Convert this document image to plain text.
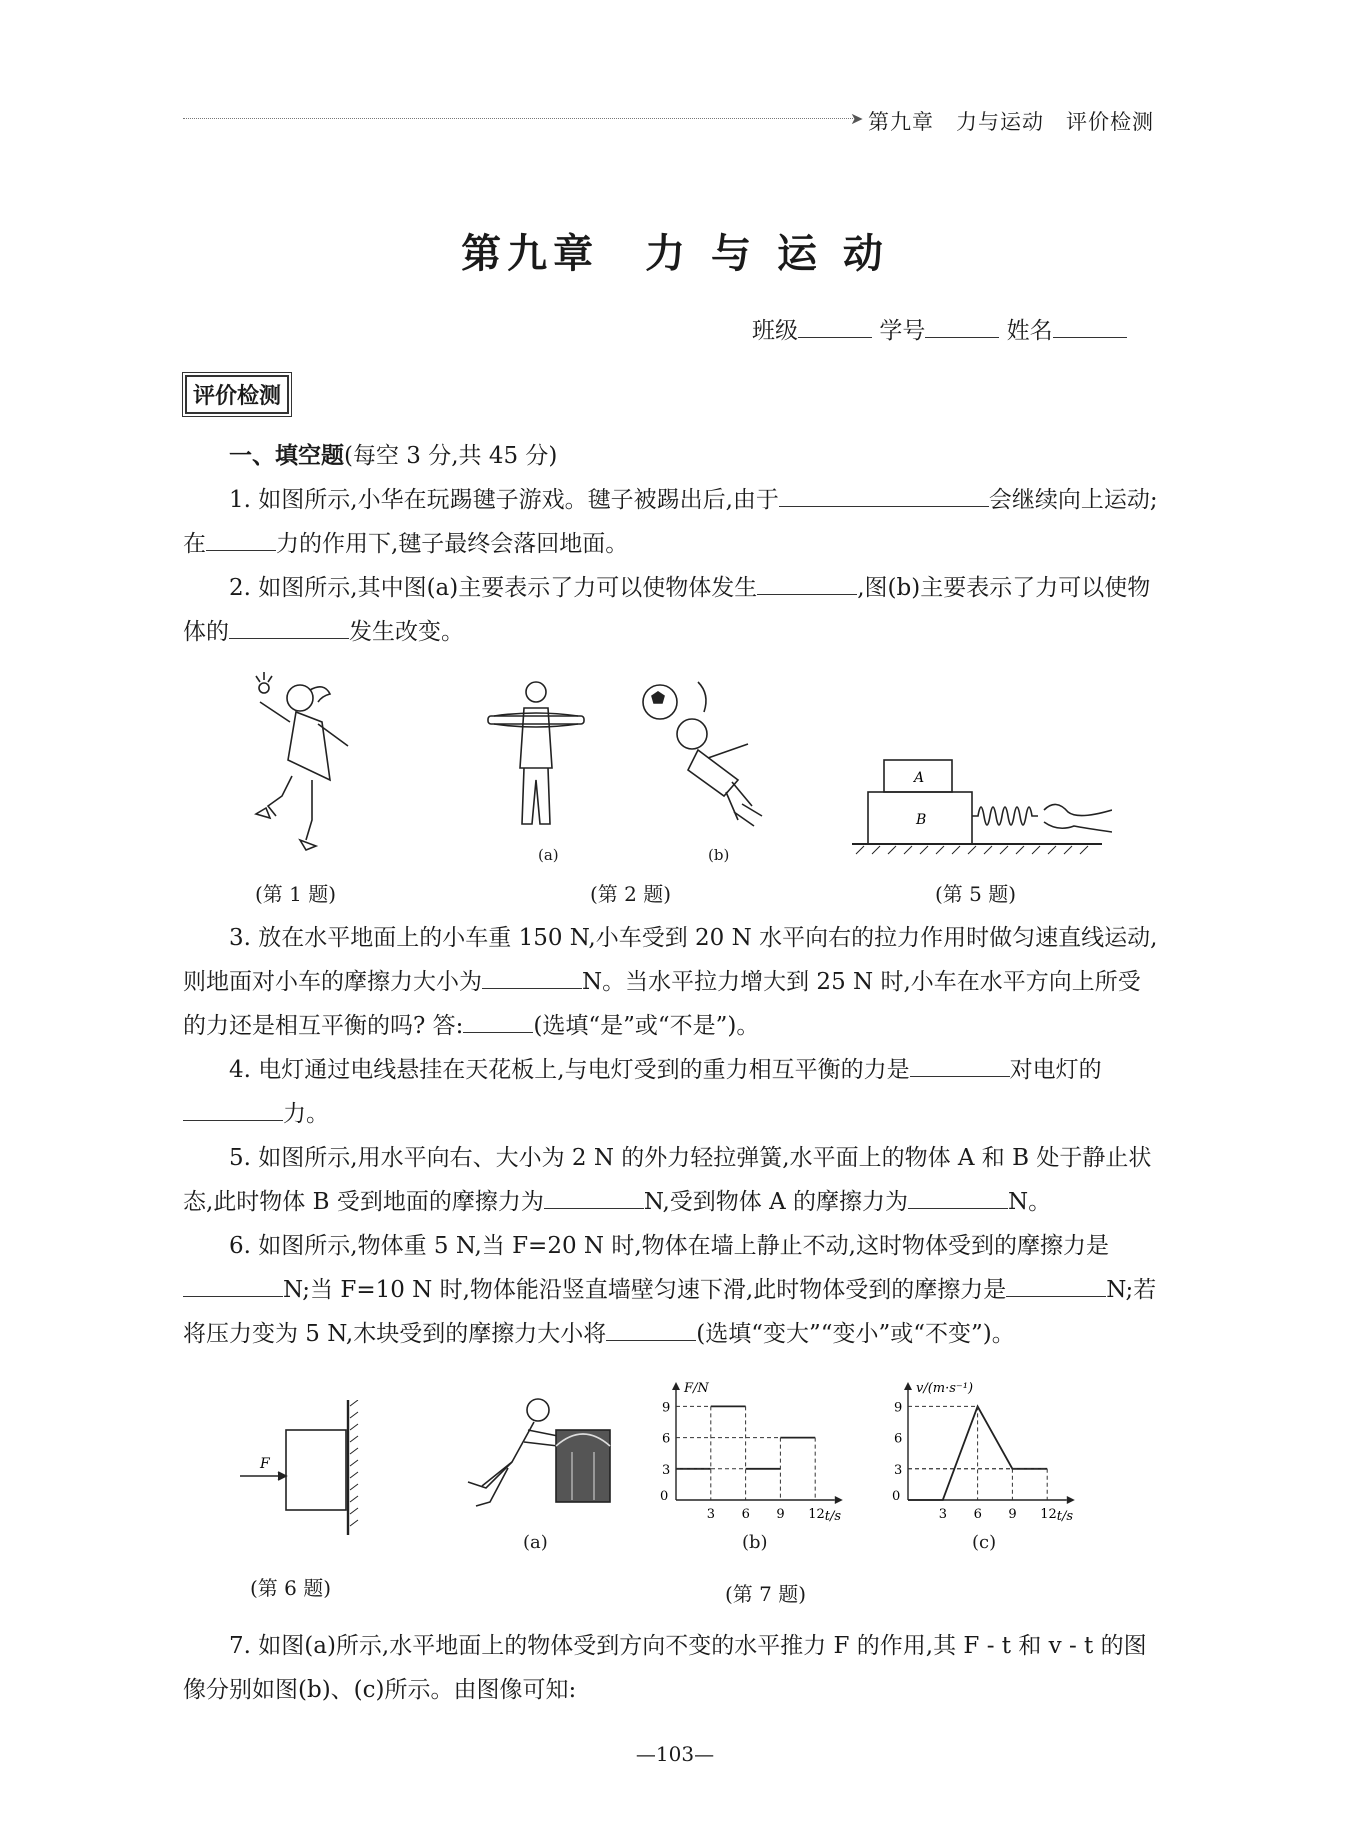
➤ 第九章　力与运动　评价检测
第九章　力 与 运 动
班级	学号	姓名
评价检测

一、填空题(每空 3 分,共 45 分)

1. 如图所示,小华在玩踢毽子游戏。毽子被踢出后,由于	会继续向上运动;在	力的作用下,毽子最终会落回地面。

2. 如图所示,其中图(a)主要表示了力可以使物体发生	,图(b)主要表示了力可以使物体的	发生改变。

(第 1 题)
(a)	(b)
(第 2 题)
A
B
(第 5 题)

3. 放在水平地面上的小车重 150 N,小车受到 20 N 水平向右的拉力作用时做匀速直线运动,则地面对小车的摩擦力大小为	N。当水平拉力增大到 25 N 时,小车在水平方向上所受的力还是相互平衡的吗? 答:	(选填“是”或“不是”)。

4. 电灯通过电线悬挂在天花板上,与电灯受到的重力相互平衡的力是	对电灯的力。

5. 如图所示,用水平向右、大小为 2 N 的外力轻拉弹簧,水平面上的物体 A 和 B 处于静止状态,此时物体 B 受到地面的摩擦力为	N,受到物体 A 的摩擦力为	N。

6. 如图所示,物体重 5 N,当 F=20 N 时,物体在墙上静止不动,这时物体受到的摩擦力是N;当 F=10 N 时,物体能沿竖直墙壁匀速下滑,此时物体受到的摩擦力是	N;若将压力变为 5 N,木块受到的摩擦力大小将	(选填“变大”“变小”或“不变”)。

F
(第 6 题)
(a)
F/N
t/s
0
3 6 9 12
3
6
9
(b)
v/(m·s⁻¹)
t/s
0
3 6 9 12
3
6
9
(c)
(第 7 题)

7. 如图(a)所示,水平地面上的物体受到方向不变的水平推力 F 的作用,其 F - t 和 v - t 的图像分别如图(b)、(c)所示。由图像可知:

—103—
